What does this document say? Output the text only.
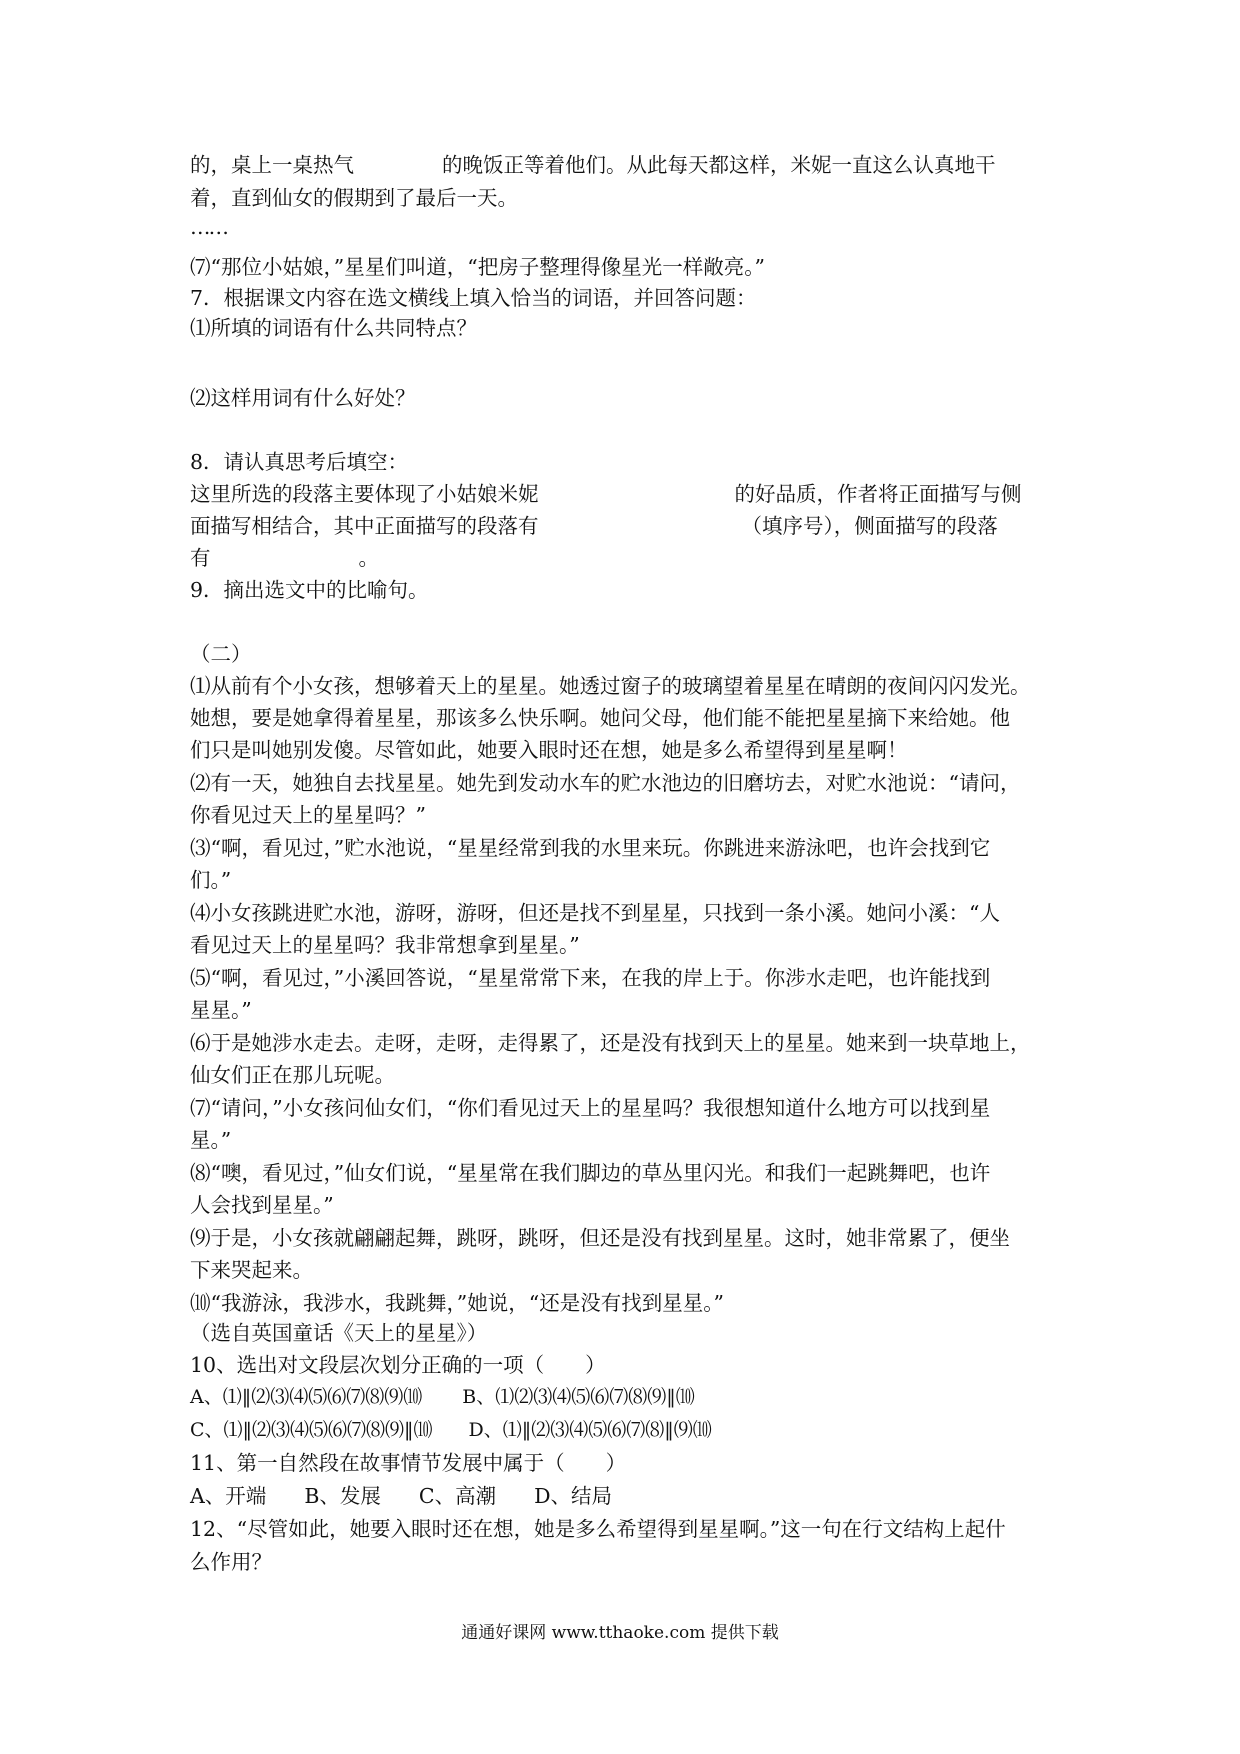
的，桌上一桌热气	的晚饭正等着他们。从此每天都这样，米妮一直这么认真地干
着，直到仙女的假期到了最后一天。
……
⑺“那位小姑娘，”星星们叫道，“把房子整理得像星光一样敞亮。”
7．根据课文内容在选文横线上填入恰当的词语，并回答问题：
⑴所填的词语有什么共同特点？
⑵这样用词有什么好处？
8．请认真思考后填空：
这里所选的段落主要体现了小姑娘米妮	的好品质，作者将正面描写与侧
面描写相结合，其中正面描写的段落有	（填序号），侧面描写的段落
有	。
9．摘出选文中的比喻句。
（二）
⑴从前有个小女孩，想够着天上的星星。她透过窗子的玻璃望着星星在晴朗的夜间闪闪发光。
她想，要是她拿得着星星，那该多么快乐啊。她问父母，他们能不能把星星摘下来给她。他
们只是叫她别发傻。尽管如此，她要入眼时还在想，她是多么希望得到星星啊！
⑵有一天，她独自去找星星。她先到发动水车的贮水池边的旧磨坊去，对贮水池说：“请问，
你看见过天上的星星吗？”
⑶“啊，看见过，”贮水池说，“星星经常到我的水里来玩。你跳进来游泳吧，也许会找到它
们。”
⑷小女孩跳进贮水池，游呀，游呀，但还是找不到星星，只找到一条小溪。她问小溪：“人
看见过天上的星星吗？我非常想拿到星星。”
⑸“啊，看见过，”小溪回答说，“星星常常下来，在我的岸上于。你涉水走吧，也许能找到
星星。”
⑹于是她涉水走去。走呀，走呀，走得累了，还是没有找到天上的星星。她来到一块草地上，
仙女们正在那儿玩呢。
⑺“请问，”小女孩问仙女们，“你们看见过天上的星星吗？我很想知道什么地方可以找到星
星。”
⑻“噢，看见过，”仙女们说，“星星常在我们脚边的草丛里闪光。和我们一起跳舞吧，也许
人会找到星星。”
⑼于是，小女孩就翩翩起舞，跳呀，跳呀，但还是没有找到星星。这时，她非常累了，便坐
下来哭起来。
⑽“我游泳，我涉水，我跳舞，”她说，“还是没有找到星星。”
（选自英国童话《天上的星星》）
10、选出对文段层次划分正确的一项（　　）
A、⑴‖⑵⑶⑷⑸⑹⑺⑻⑼⑽ B、⑴⑵⑶⑷⑸⑹⑺⑻⑼‖⑽
C、⑴‖⑵⑶⑷⑸⑹⑺⑻⑼‖⑽ D、⑴‖⑵⑶⑷⑸⑹⑺⑻‖⑼⑽
11、第一自然段在故事情节发展中属于（　　）
A、开端 B、发展 C、高潮 D、结局
12、“尽管如此，她要入眼时还在想，她是多么希望得到星星啊。”这一句在行文结构上起什
么作用？
通通好课网 www.tthaoke.com 提供下载
